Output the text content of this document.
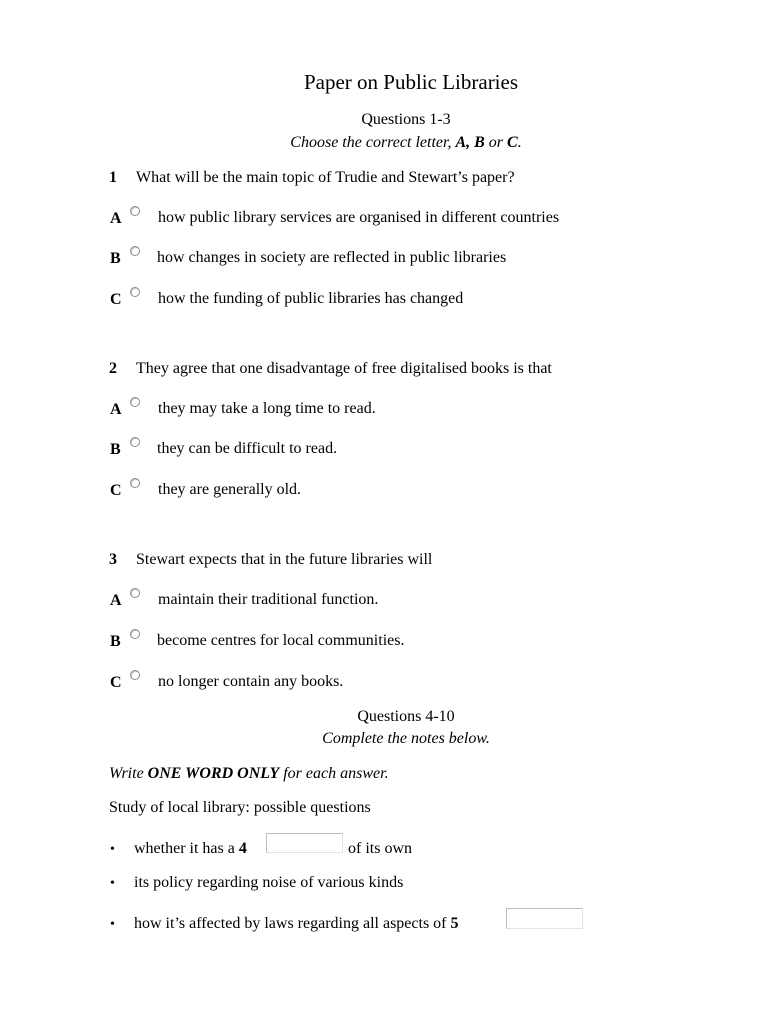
Paper on Public Libraries
Questions 1-3
Choose the correct letter, A, B or C.
1 What will be the main topic of Trudie and Stewart’s paper?
A how public library services are organised in different countries
B how changes in society are reflected in public libraries
C how the funding of public libraries has changed
2 They agree that one disadvantage of free digitalised books is that
A they may take a long time to read.
B they can be difficult to read.
C they are generally old.
3 Stewart expects that in the future libraries will
A maintain their traditional function.
B become centres for local communities.
C no longer contain any books.
Questions 4-10
Complete the notes below.
Write ONE WORD ONLY for each answer.
Study of local library: possible questions
• whether it has a 4	of its own
• its policy regarding noise of various kinds
• how it’s affected by laws regarding all aspects of 5
